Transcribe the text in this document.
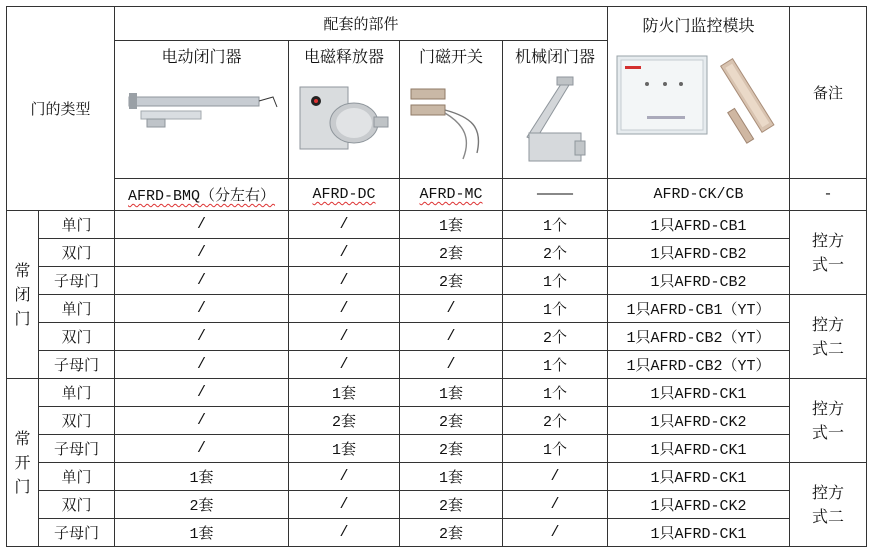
门的类型		配套的部件				防火门监控模块	备注

		电动闭门器	电磁释放器	门磁开关	机械闭门器		

		AFRD-BMQ（分左右）	AFRD-DC	AFRD-MC	————	AFRD-CK/CB	-

常闭门	单门	/	/	1套	1个	1只AFRD-CB1	控方式一

	双门	/	/	2套	2个	1只AFRD-CB2	
	子母门	/	/	2套	1个	1只AFRD-CB2	
	单门	/	/	/	1个	1只AFRD-CB1（YT）	控方式二

	双门	/	/	/	2个	1只AFRD-CB2（YT）	
	子母门	/	/	/	1个	1只AFRD-CB2（YT）	

常开门	单门	/	1套	1套	1个	1只AFRD-CK1	控方式一

	双门	/	2套	2套	2个	1只AFRD-CK2	
	子母门	/	1套	2套	1个	1只AFRD-CK1	
	单门	1套	/	1套	/	1只AFRD-CK1	控方式二

	双门	2套	/	2套	/	1只AFRD-CK2	
	子母门	1套	/	2套	/	1只AFRD-CK1	
